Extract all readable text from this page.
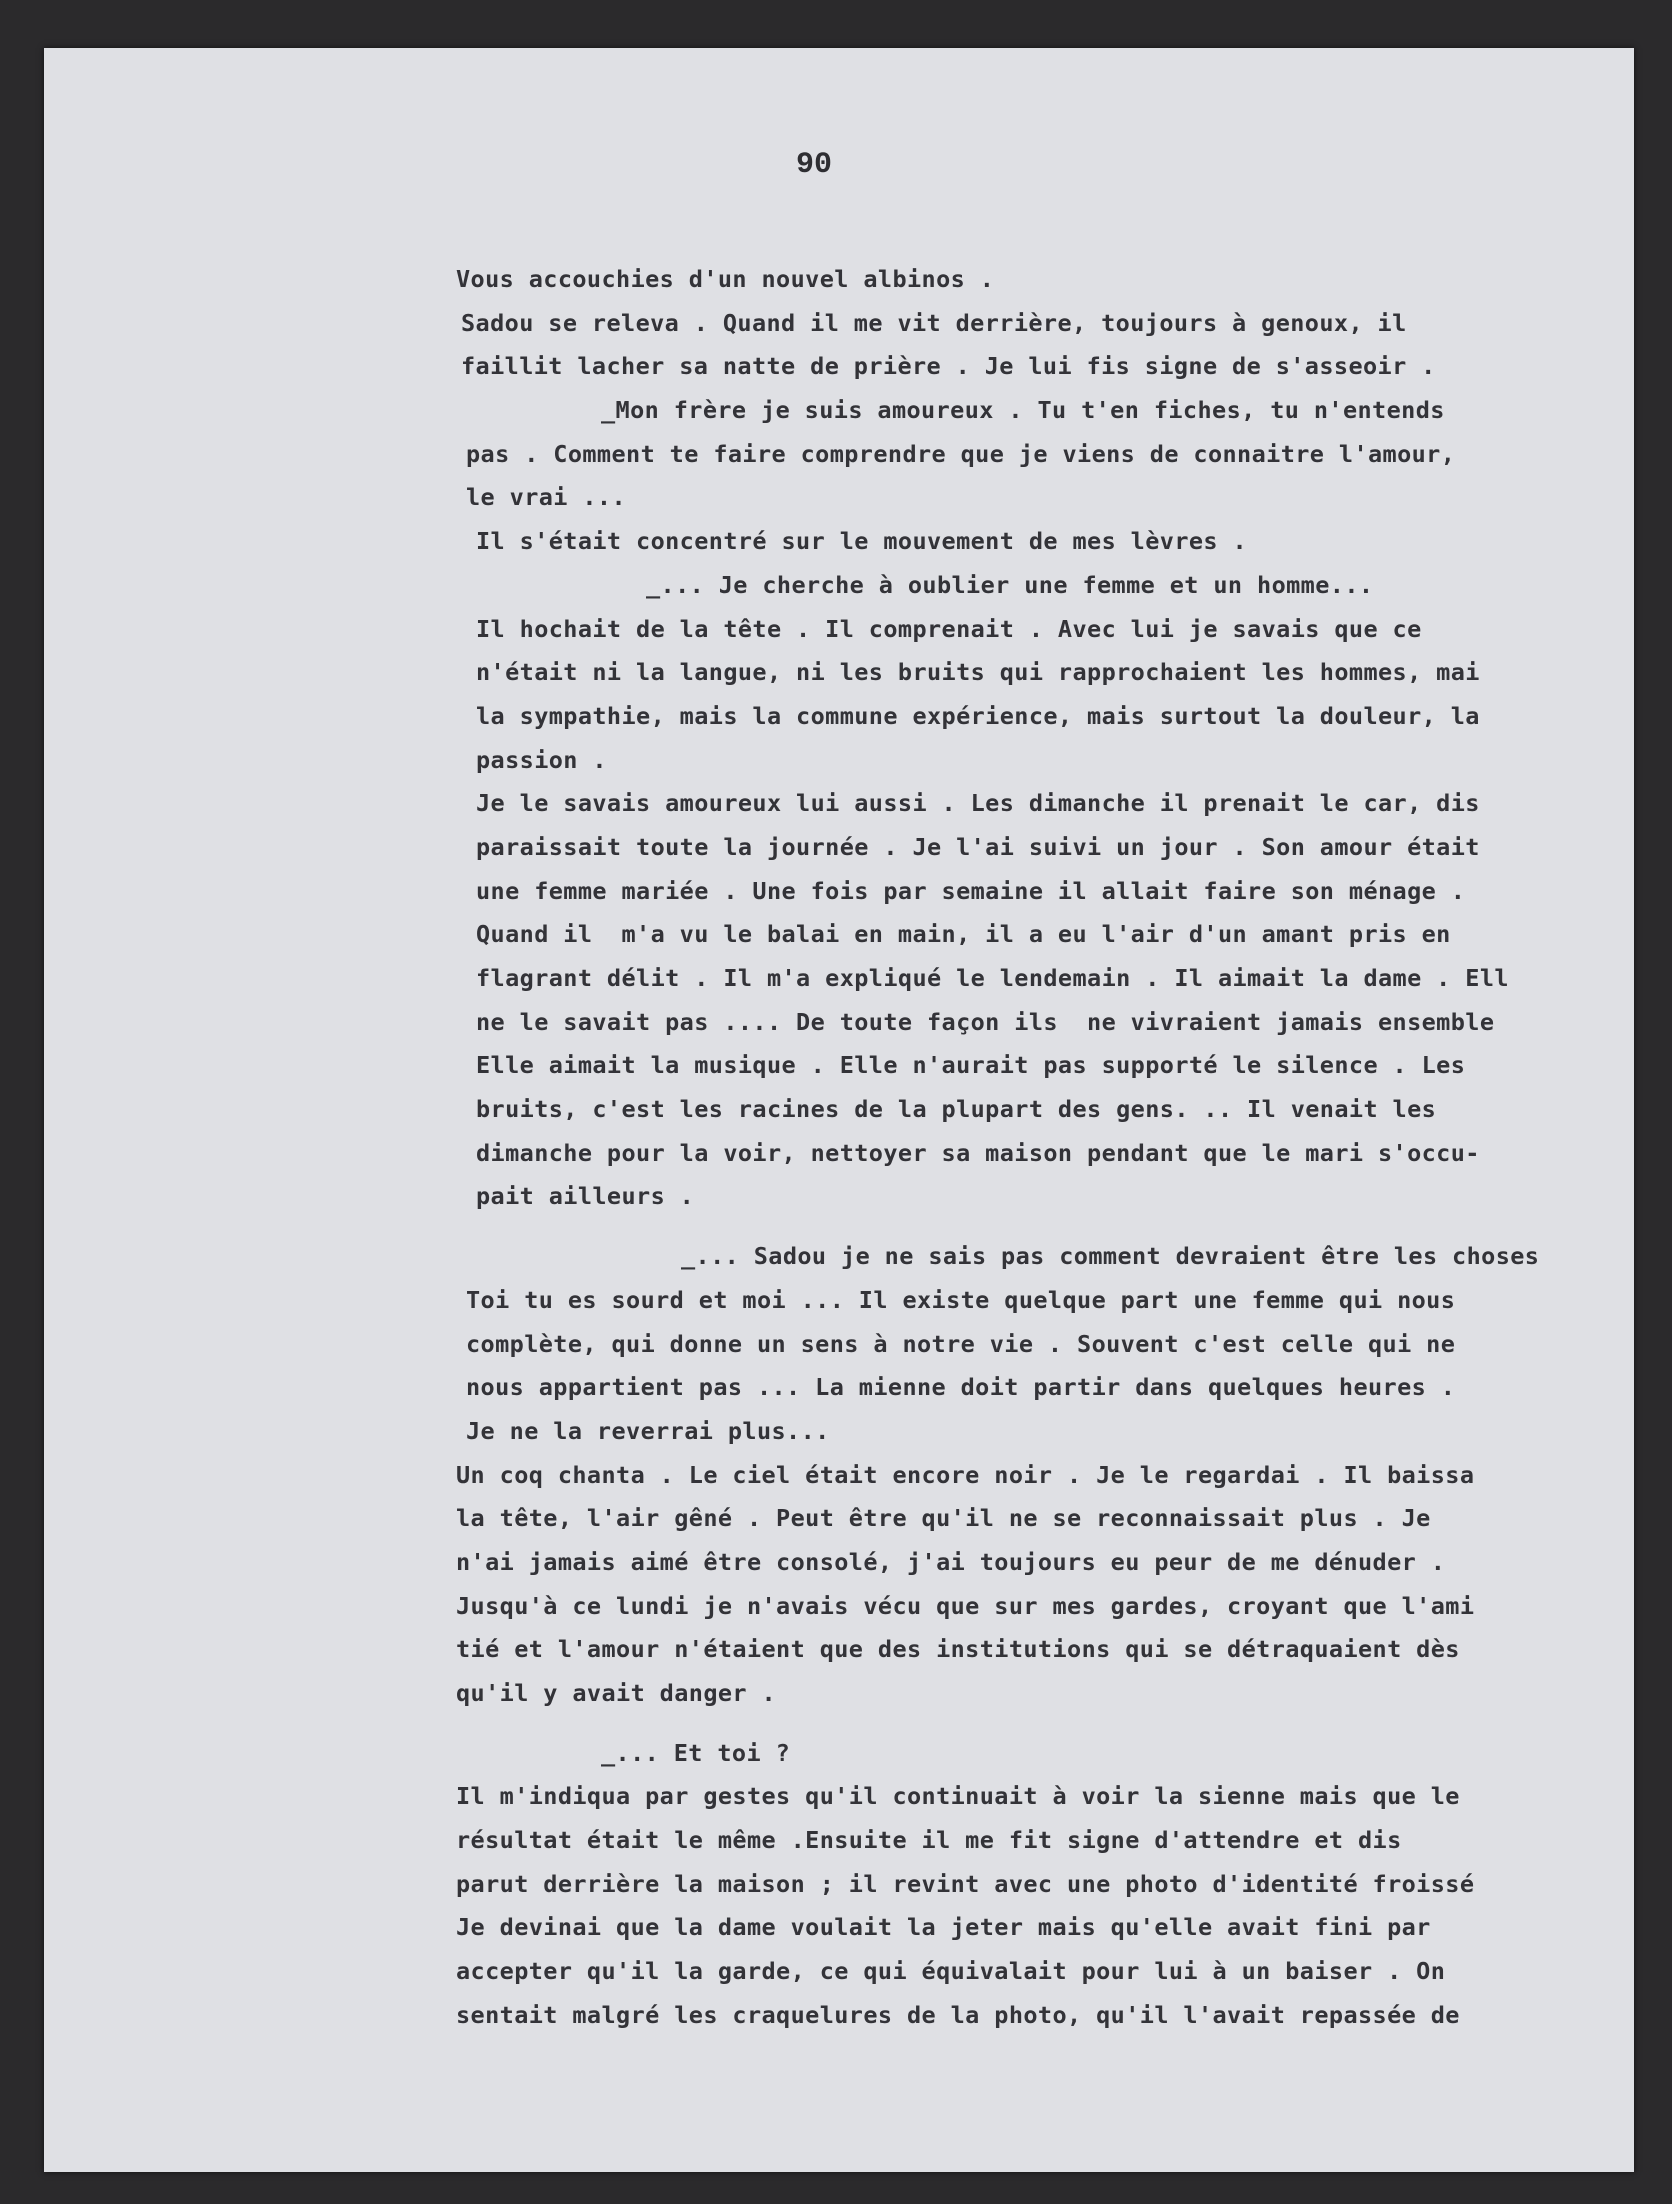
90
Vous accouchies d'un nouvel albinos .
Sadou se releva . Quand il me vit derrière, toujours à genoux, il
faillit lacher sa natte de prière . Je lui fis signe de s'asseoir .
_Mon frère je suis amoureux . Tu t'en fiches, tu n'entends
pas . Comment te faire comprendre que je viens de connaitre l'amour,
le vrai ...
Il s'était concentré sur le mouvement de mes lèvres .
_... Je cherche à oublier une femme et un homme...
Il hochait de la tête . Il comprenait . Avec lui je savais que ce
n'était ni la langue, ni les bruits qui rapprochaient les hommes, mai
la sympathie, mais la commune expérience, mais surtout la douleur, la
passion .
Je le savais amoureux lui aussi . Les dimanche il prenait le car, dis
paraissait toute la journée . Je l'ai suivi un jour . Son amour était
une femme mariée . Une fois par semaine il allait faire son ménage .
Quand il  m'a vu le balai en main, il a eu l'air d'un amant pris en
flagrant délit . Il m'a expliqué le lendemain . Il aimait la dame . Ell
ne le savait pas .... De toute façon ils  ne vivraient jamais ensemble
Elle aimait la musique . Elle n'aurait pas supporté le silence . Les
bruits, c'est les racines de la plupart des gens. .. Il venait les
dimanche pour la voir, nettoyer sa maison pendant que le mari s'occu-
pait ailleurs .
_... Sadou je ne sais pas comment devraient être les choses
Toi tu es sourd et moi ... Il existe quelque part une femme qui nous
complète, qui donne un sens à notre vie . Souvent c'est celle qui ne
nous appartient pas ... La mienne doit partir dans quelques heures .
Je ne la reverrai plus...
Un coq chanta . Le ciel était encore noir . Je le regardai . Il baissa
la tête, l'air gêné . Peut être qu'il ne se reconnaissait plus . Je
n'ai jamais aimé être consolé, j'ai toujours eu peur de me dénuder .
Jusqu'à ce lundi je n'avais vécu que sur mes gardes, croyant que l'ami
tié et l'amour n'étaient que des institutions qui se détraquaient dès
qu'il y avait danger .
_... Et toi ?
Il m'indiqua par gestes qu'il continuait à voir la sienne mais que le
résultat était le même .Ensuite il me fit signe d'attendre et dis
parut derrière la maison ; il revint avec une photo d'identité froissé
Je devinai que la dame voulait la jeter mais qu'elle avait fini par
accepter qu'il la garde, ce qui équivalait pour lui à un baiser . On
sentait malgré les craquelures de la photo, qu'il l'avait repassée de
